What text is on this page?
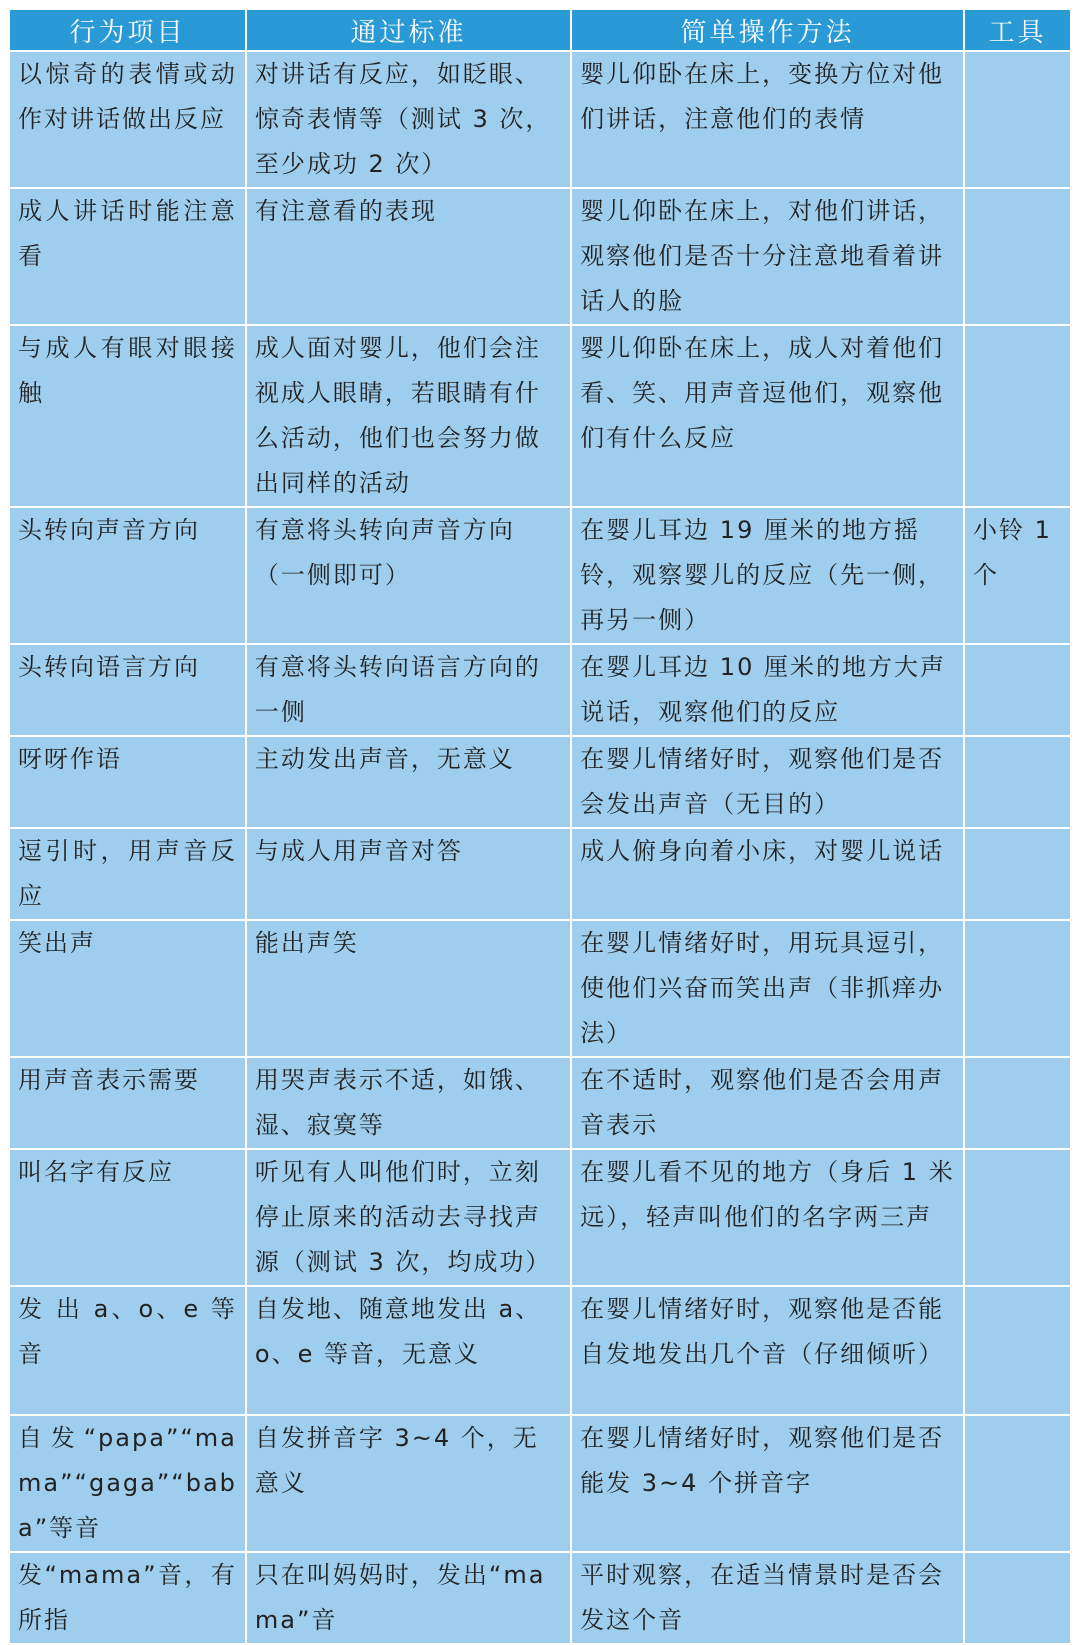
行为项目	通过标准	简单操作方法	工具
以惊奇的表情或动作对讲话做出反应	对讲话有反应，如眨眼、惊奇表情等（测试 3 次，至少成功 2 次）	婴儿仰卧在床上，变换方位对他们讲话，注意他们的表情	
成人讲话时能注意看	有注意看的表现	婴儿仰卧在床上，对他们讲话，观察他们是否十分注意地看着讲话人的脸	
与成人有眼对眼接触	成人面对婴儿，他们会注视成人眼睛，若眼睛有什么活动，他们也会努力做出同样的活动	婴儿仰卧在床上，成人对着他们看、笑、用声音逗他们，观察他们有什么反应	
头转向声音方向	有意将头转向声音方向（一侧即可）	在婴儿耳边 19 厘米的地方摇铃，观察婴儿的反应（先一侧，再另一侧）	小铃 1 个
头转向语言方向	有意将头转向语言方向的一侧	在婴儿耳边 10 厘米的地方大声说话，观察他们的反应	
呀呀作语	主动发出声音，无意义	在婴儿情绪好时，观察他们是否会发出声音（无目的）	
逗引时，用声音反应	与成人用声音对答	成人俯身向着小床，对婴儿说话	
笑出声	能出声笑	在婴儿情绪好时，用玩具逗引，使他们兴奋而笑出声（非抓痒办法）	
用声音表示需要	用哭声表示不适，如饿、湿、寂寞等	在不适时，观察他们是否会用声音表示	
叫名字有反应	听见有人叫他们时，立刻停止原来的活动去寻找声源（测试 3 次，均成功）	在婴儿看不见的地方（身后 1 米远），轻声叫他们的名字两三声	
发 出 a、o、e 等音	自发地、随意地发出 a、o、e 等音，无意义	在婴儿情绪好时，观察他是否能自发地发出几个音（仔细倾听）	
自发“papa”“mama”“gaga”“baba”等音	自发拼音字 3~4 个，无意义	在婴儿情绪好时，观察他们是否能发 3~4 个拼音字	
发“mama”音，有所指	只在叫妈妈时，发出“mama”音	平时观察，在适当情景时是否会发这个音	
